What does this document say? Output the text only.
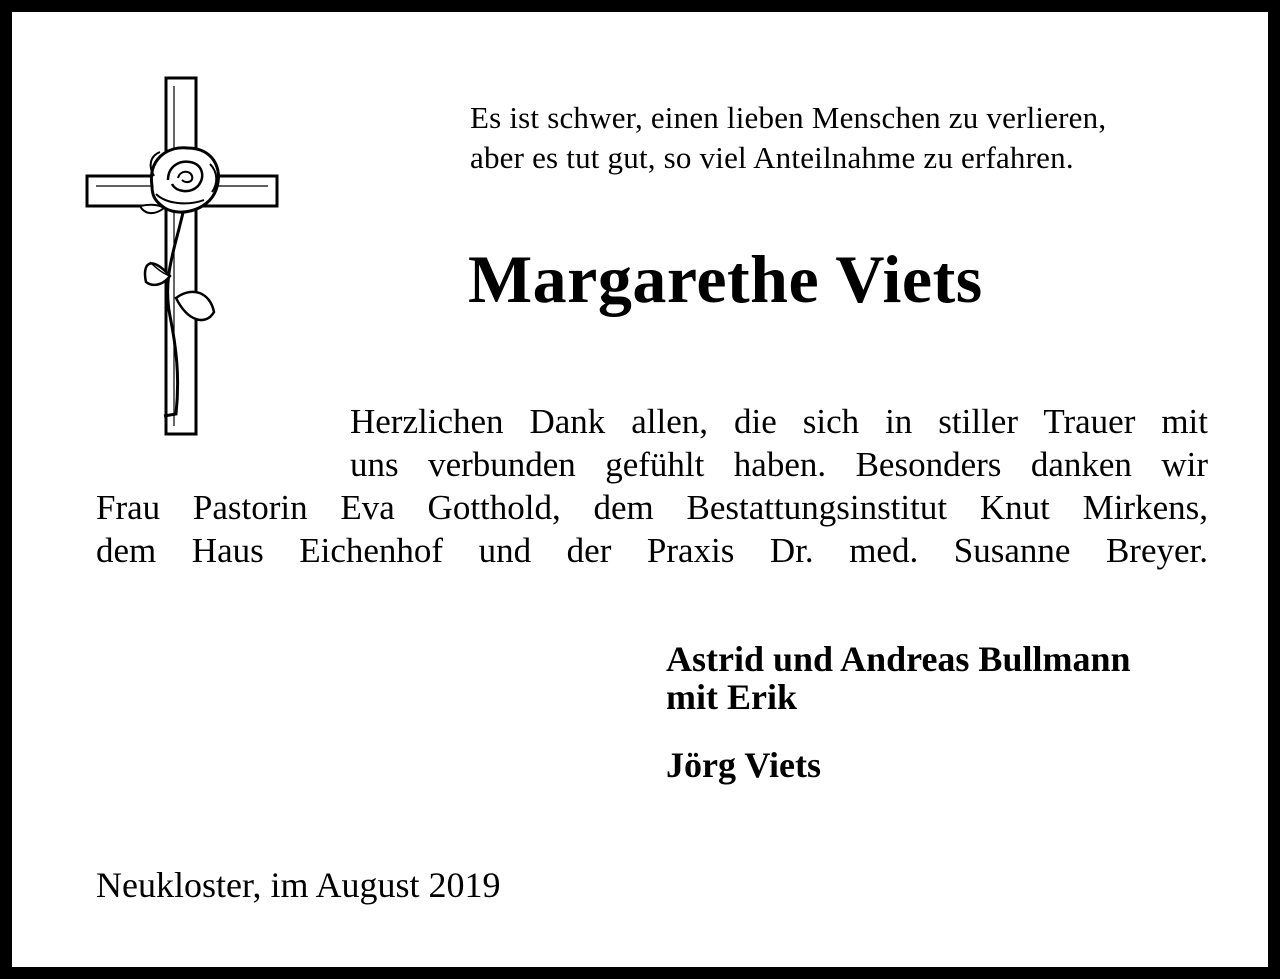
Es ist schwer, einen lieben Menschen zu verlieren,
aber es tut gut, so viel Anteilnahme zu erfahren.
Margarethe Viets
Herzlichen Dank allen, die sich in stiller Trauer mit
uns verbunden gefühlt haben. Besonders danken wir
Frau Pastorin Eva Gotthold, dem Bestattungsinstitut Knut Mirkens,
dem Haus Eichenhof und der Praxis Dr. med. Susanne Breyer.
Astrid und Andreas Bullmann
mit Erik
Jörg Viets
Neukloster, im August 2019
